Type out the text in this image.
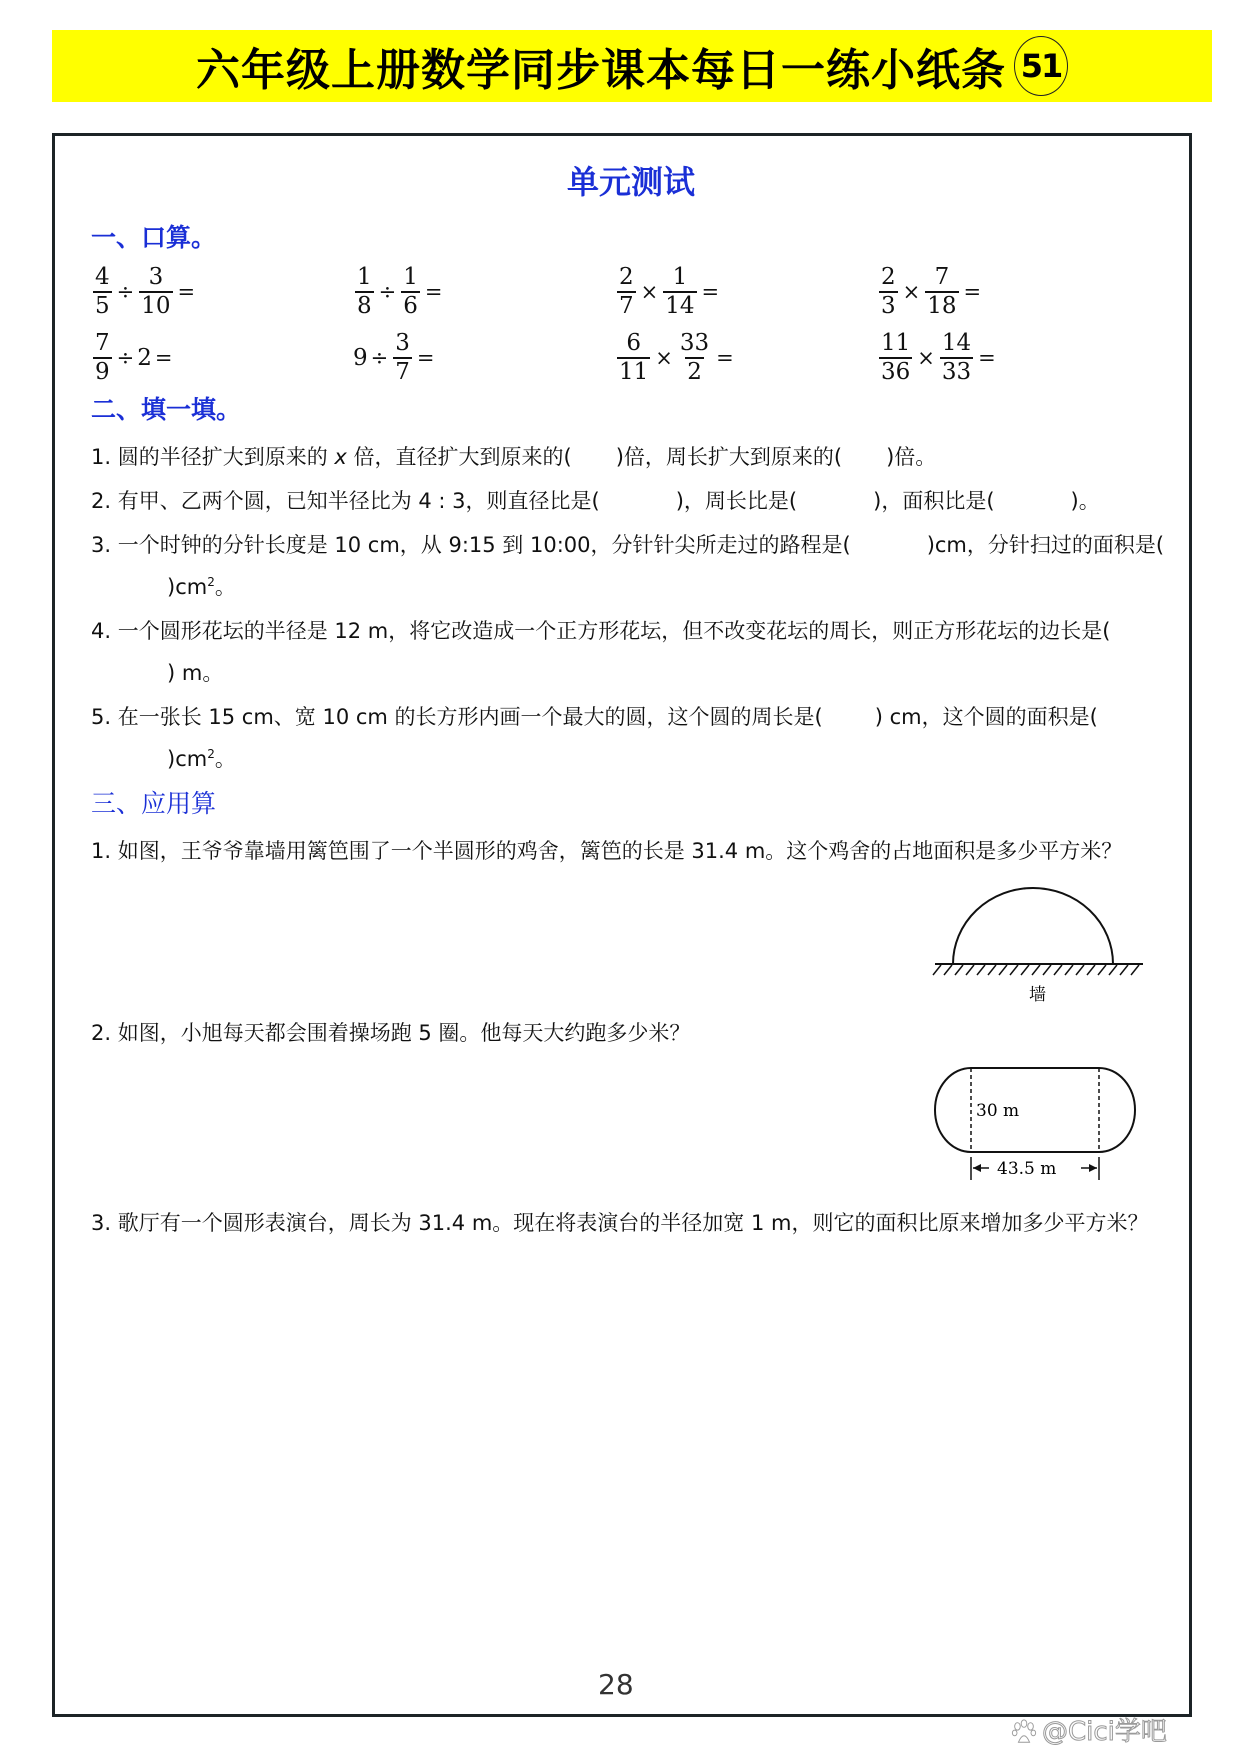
六年级上册数学同步课本每日一练小纸条 51
单元测试
一、口算。
$\frac{4}{5} \div \frac{3}{10}$ =	$\frac{1}{8} \div \frac{1}{6}$ =	$\frac{2}{7} \times \frac{1}{14}$ =	$\frac{2}{3} \times \frac{7}{18}$ =
$\frac{7}{9} \div 2$ =	$9 \div \frac{3}{7}$ =	$\frac{6}{11} \times \frac{33}{2}$ =	$\frac{11}{36} \times \frac{14}{33}$ =
二、填一填。
1. 圆的半径扩大到原来的 x 倍，直径扩大到原来的( )倍，周长扩大到原来的( )倍。
2. 有甲、乙两个圆，已知半径比为 4 : 3，则直径比是(	)，周长比是(	)，面积比是(	)。
3. 一个时钟的分针长度是 10 cm，从 9:15 到 10:00，分针针尖所走过的路程是(	)cm，分针扫过的面积是$()cm^2$。
4. 一个圆形花坛的半径是 12 m，将它改造成一个正方形花坛，但不改变花坛的周长，则正方形花坛的边长是() m。
5. 在一张长 15 cm、宽 10 cm 的长方形内画一个最大的圆，这个圆的周长是( ) cm，这个圆的面积是$()cm^2$。
三、应用算
1. 如图，王爷爷靠墙用篱笆围了一个半圆形的鸡舍，篱笆的长是 31.4 m。这个鸡舍的占地面积是多少平方米？
墙
2. 如图，小旭每天都会围着操场跑 5 圈。他每天大约跑多少米？
30 m
43.5 m
3. 歌厅有一个圆形表演台，周长为 31.4 m。现在将表演台的半径加宽 1 m，则它的面积比原来增加多少平方米？
28
@Cici学吧
